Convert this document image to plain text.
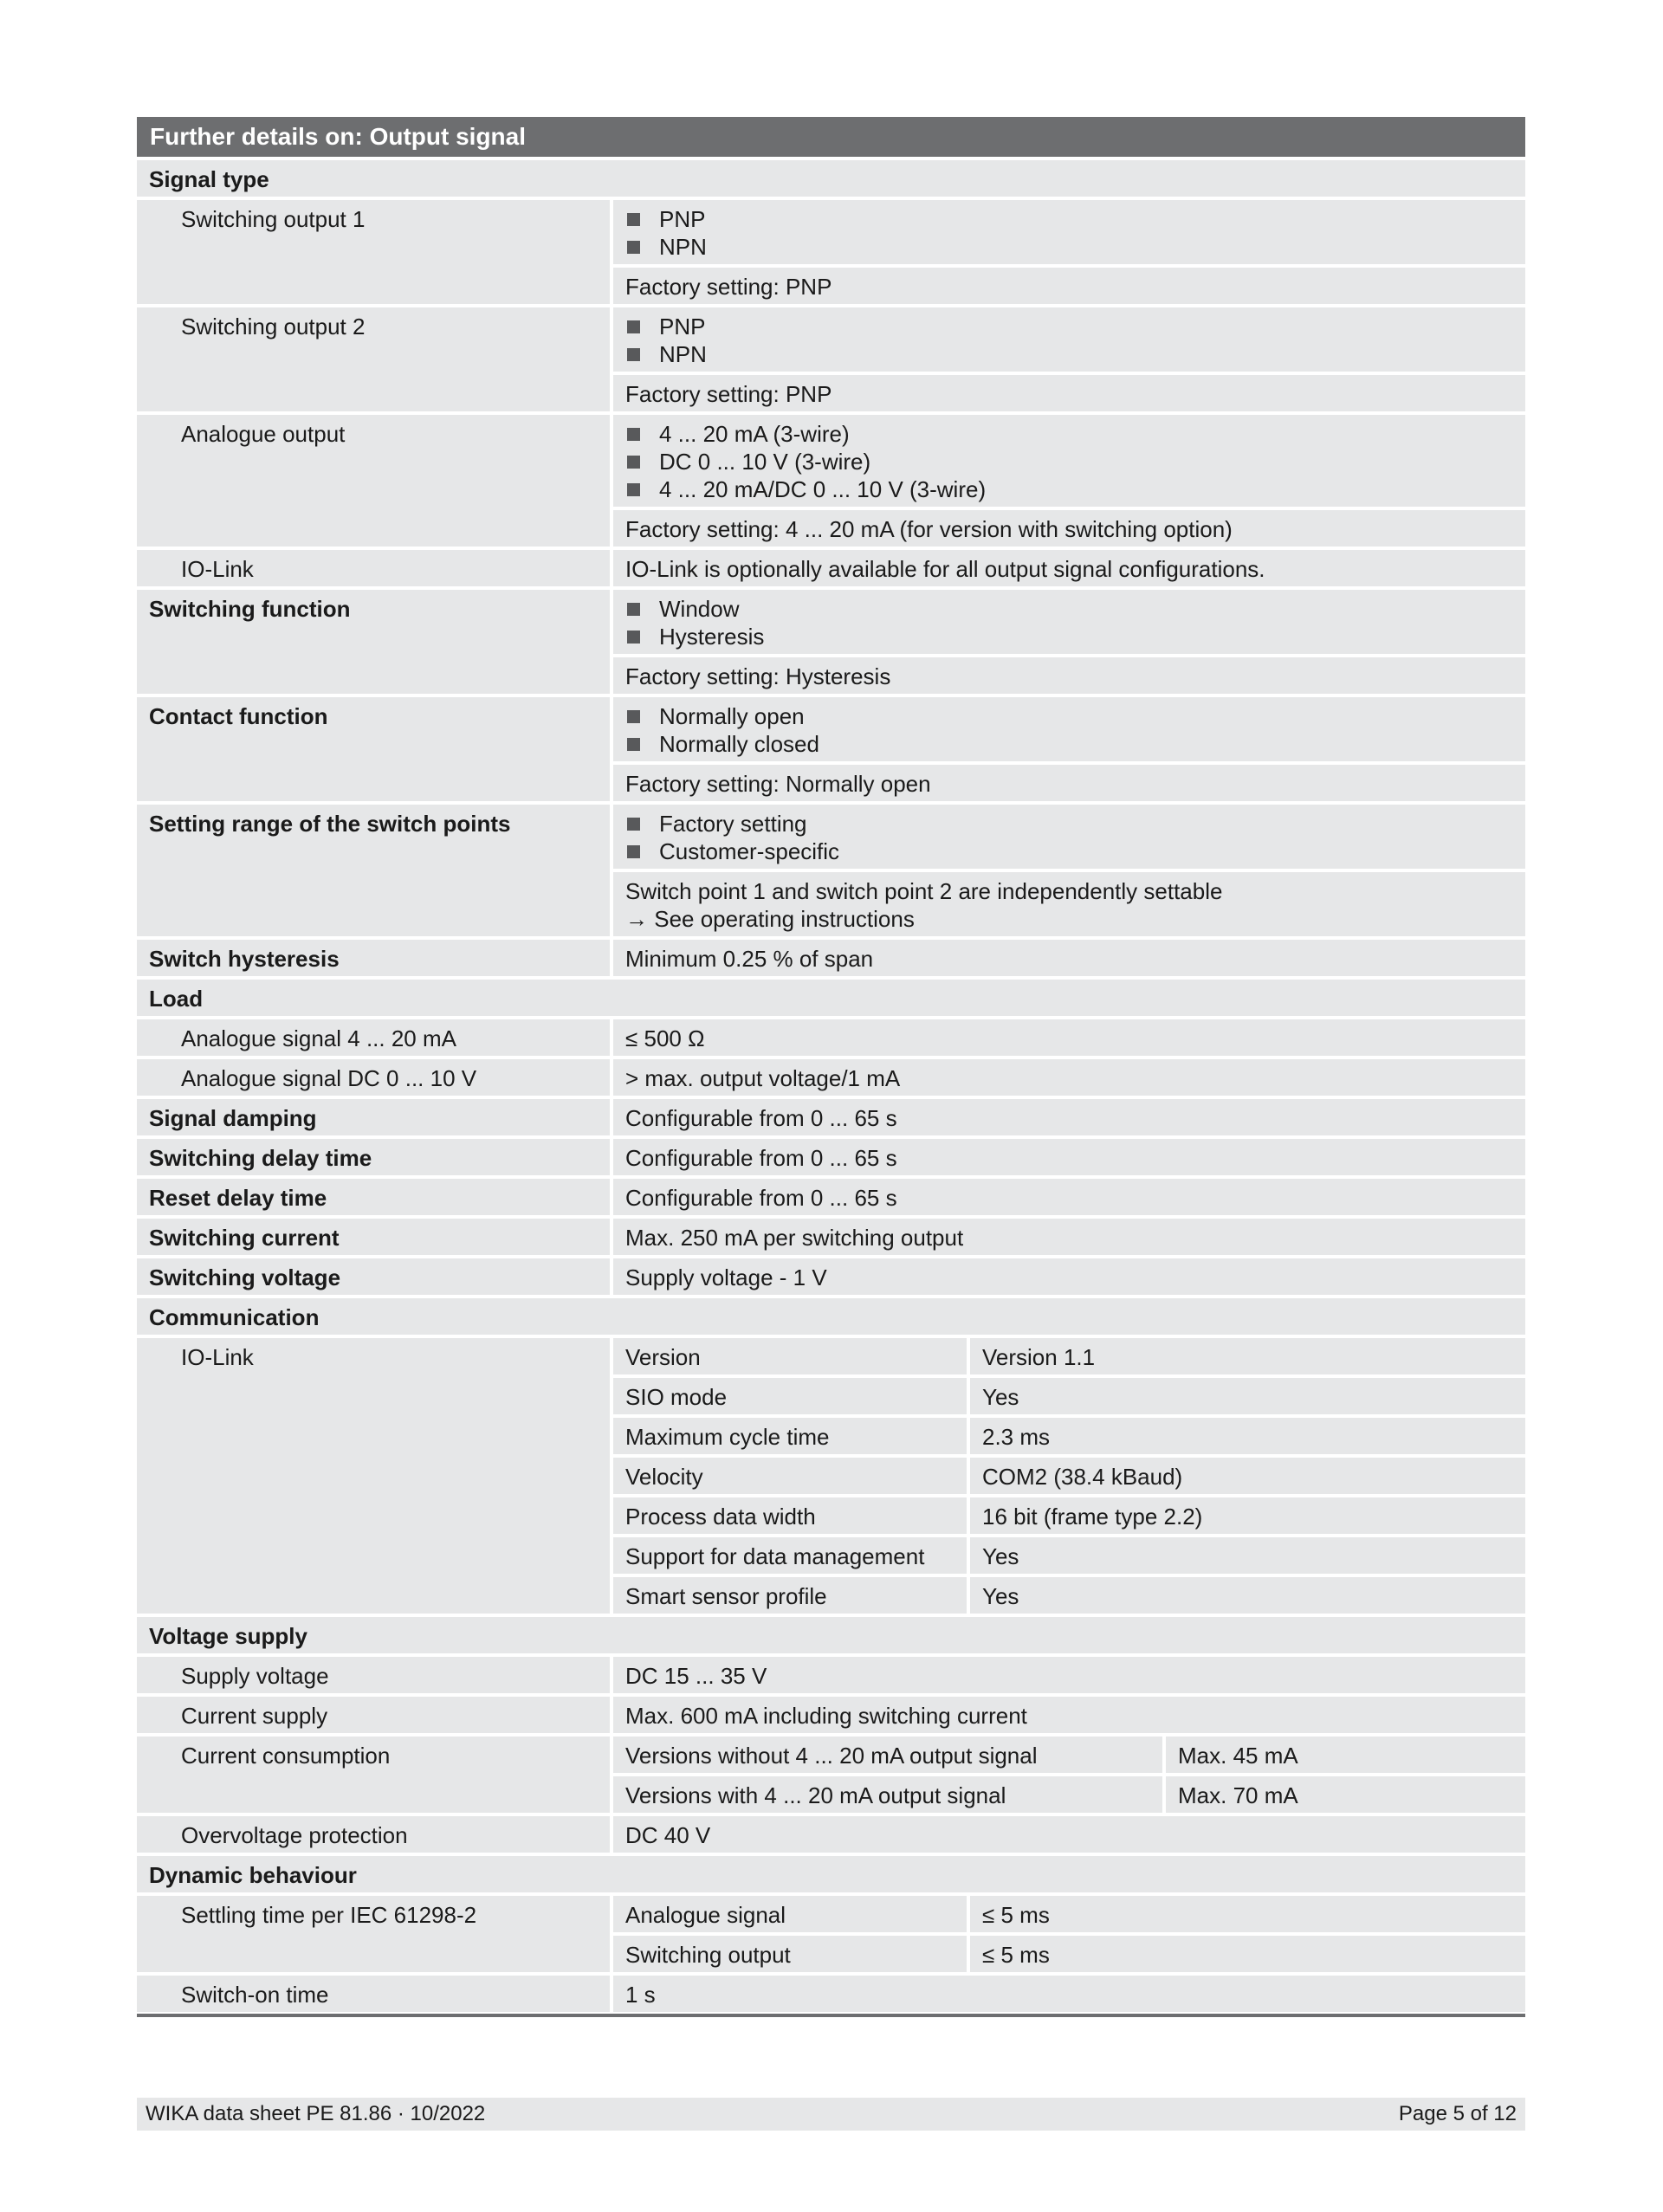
Further details on: Output signal
Signal type
Switching output 1	PNP
NPN
Factory setting: PNP
Switching output 2	PNP
NPN
Factory setting: PNP
Analogue output	4 ... 20 mA (3-wire)
DC 0 ... 10 V (3-wire)
4 ... 20 mA/DC 0 ... 10 V (3-wire)
Factory setting: 4 ... 20 mA (for version with switching option)
IO-Link	IO-Link is optionally available for all output signal configurations.
Switching function	Window
Hysteresis
Factory setting: Hysteresis
Contact function	Normally open
Normally closed
Factory setting: Normally open
Setting range of the switch points	Factory setting
Customer-specific
Switch point 1 and switch point 2 are independently settable
→ See operating instructions
Switch hysteresis	Minimum 0.25 % of span
Load
Analogue signal 4 ... 20 mA	≤ 500 Ω
Analogue signal DC 0 ... 10 V	> max. output voltage/1 mA
Signal damping	Configurable from 0 ... 65 s
Switching delay time	Configurable from 0 ... 65 s
Reset delay time	Configurable from 0 ... 65 s
Switching current	Max. 250 mA per switching output
Switching voltage	Supply voltage - 1 V
Communication
IO-Link	Version	Version 1.1
SIO mode	Yes
Maximum cycle time	2.3 ms
Velocity	COM2 (38.4 kBaud)
Process data width	16 bit (frame type 2.2)
Support for data management	Yes
Smart sensor profile	Yes
Voltage supply
Supply voltage	DC 15 ... 35 V
Current supply	Max. 600 mA including switching current
Current consumption	Versions without 4 ... 20 mA output signal	Max. 45 mA
Versions with 4 ... 20 mA output signal	Max. 70 mA
Overvoltage protection	DC 40 V
Dynamic behaviour
Settling time per IEC 61298-2	Analogue signal	≤ 5 ms
Switching output	≤ 5 ms
Switch-on time	1 s
WIKA data sheet PE 81.86 · 10/2022	Page 5 of 12
